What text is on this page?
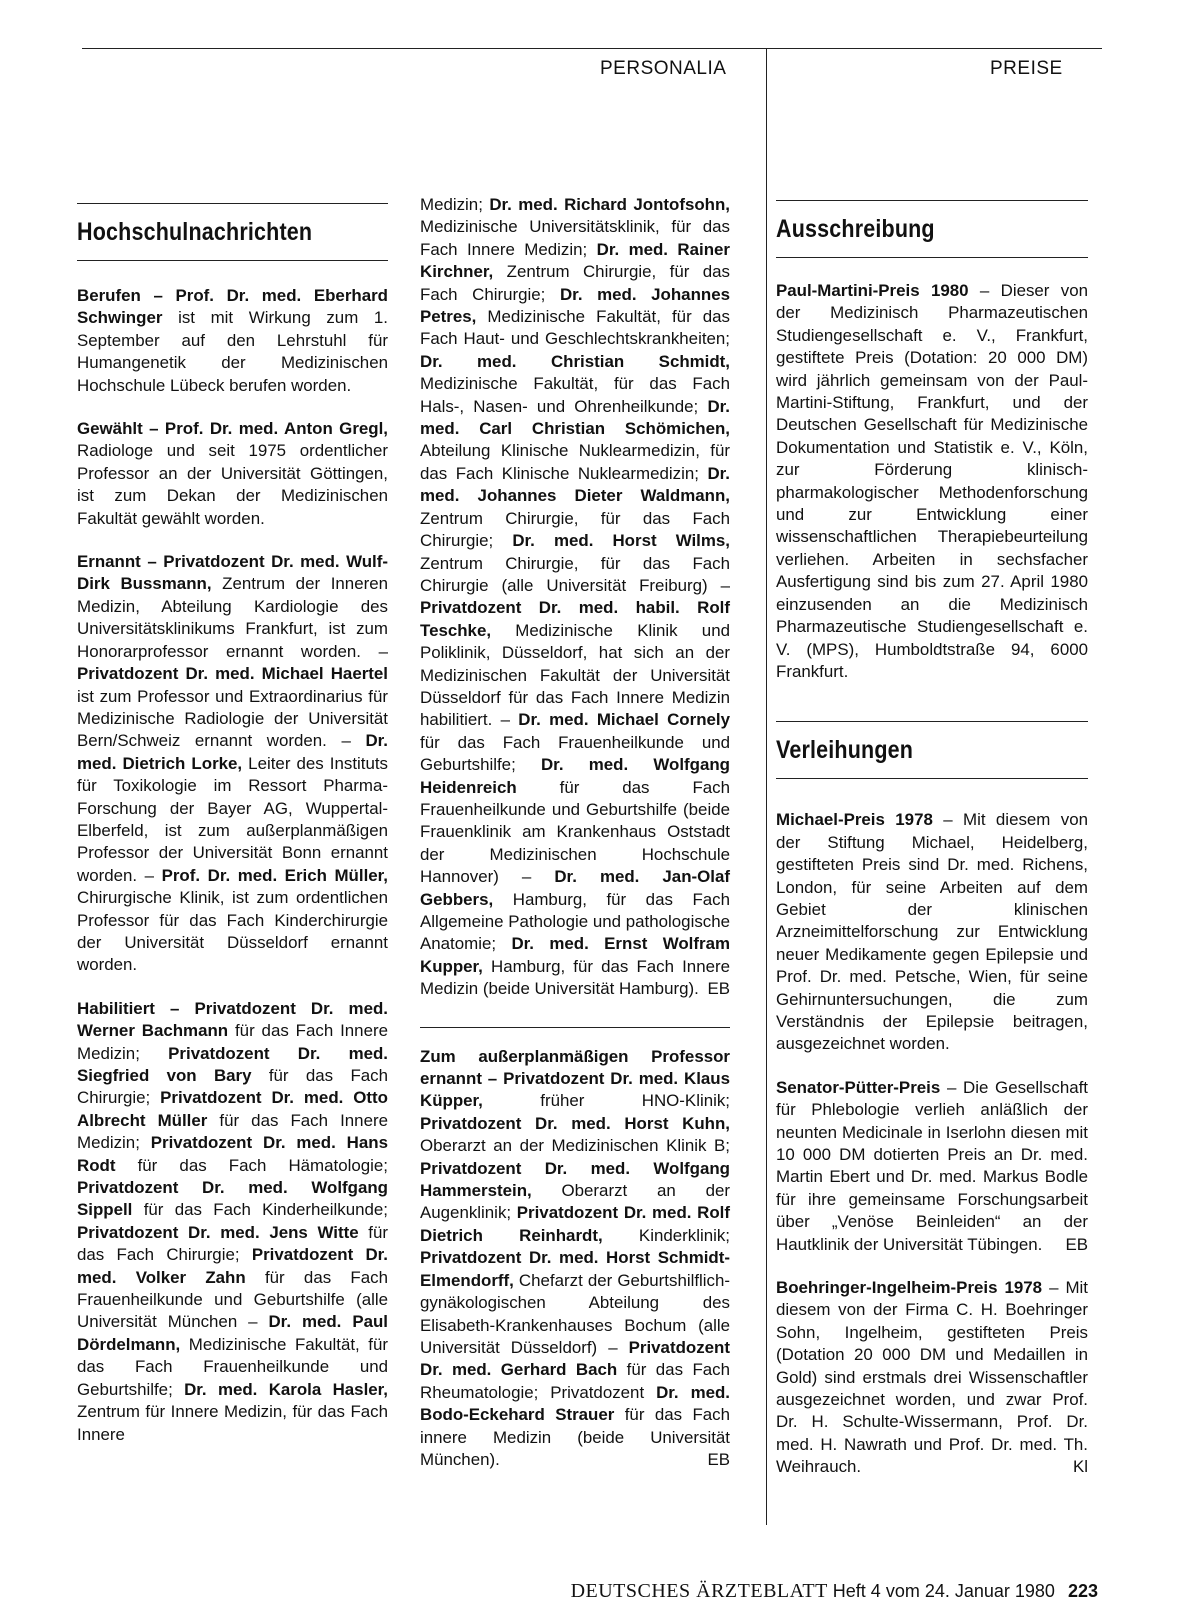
PERSONALIA	PREISE
Hochschulnachrichten

Berufen – Prof. Dr. med. Eberhard Schwinger ist mit Wirkung zum 1. September auf den Lehrstuhl für Humangenetik der Medizinischen Hochschule Lübeck berufen worden.

Gewählt – Prof. Dr. med. Anton Gregl, Radiologe und seit 1975 ordentlicher Professor an der Universität Göttingen, ist zum Dekan der Medizinischen Fakultät gewählt worden.

Ernannt – Privatdozent Dr. med. Wulf-Dirk Bussmann, Zentrum der Inneren Medizin, Abteilung Kardiologie des Universitätsklinikums Frankfurt, ist zum Honorarprofessor ernannt worden. – Privatdozent Dr. med. Michael Haertel ist zum Professor und Extraordinarius für Medizinische Radiologie der Universität Bern/Schweiz ernannt worden. – Dr. med. Dietrich Lorke, Leiter des Instituts für Toxikologie im Ressort Pharma-Forschung der Bayer AG, Wuppertal-Elberfeld, ist zum außerplanmäßigen Professor der Universität Bonn ernannt worden. – Prof. Dr. med. Erich Müller, Chirurgische Klinik, ist zum ordentlichen Professor für das Fach Kinderchirurgie der Universität Düsseldorf ernannt worden.

Habilitiert – Privatdozent Dr. med. Werner Bachmann für das Fach Innere Medizin; Privatdozent Dr. med. Siegfried von Bary für das Fach Chirurgie; Privatdozent Dr. med. Otto Albrecht Müller für das Fach Innere Medizin; Privatdozent Dr. med. Hans Rodt für das Fach Hämatologie; Privatdozent Dr. med. Wolfgang Sippell für das Fach Kinderheilkunde; Privatdozent Dr. med. Jens Witte für das Fach Chirurgie; Privatdozent Dr. med. Volker Zahn für das Fach Frauenheilkunde und Geburtshilfe (alle Universität München – Dr. med. Paul Dördelmann, Medizinische Fakultät, für das Fach Frauenheilkunde und Geburtshilfe; Dr. med. Karola Hasler, Zentrum für Innere Medizin, für das Fach Innere

Medizin; Dr. med. Richard Jontofsohn, Medizinische Universitätsklinik, für das Fach Innere Medizin; Dr. med. Rainer Kirchner, Zentrum Chirurgie, für das Fach Chirurgie; Dr. med. Johannes Petres, Medizinische Fakultät, für das Fach Haut- und Geschlechtskrankheiten; Dr. med. Christian Schmidt, Medizinische Fakultät, für das Fach Hals-, Nasen- und Ohrenheilkunde; Dr. med. Carl Christian Schömichen, Abteilung Klinische Nuklearmedizin, für das Fach Klinische Nuklearmedizin; Dr. med. Johannes Dieter Waldmann, Zentrum Chirurgie, für das Fach Chirurgie; Dr. med. Horst Wilms, Zentrum Chirurgie, für das Fach Chirurgie (alle Universität Freiburg) – Privatdozent Dr. med. habil. Rolf Teschke, Medizinische Klinik und Poliklinik, Düsseldorf, hat sich an der Medizinischen Fakultät der Universität Düsseldorf für das Fach Innere Medizin habilitiert. – Dr. med. Michael Cornely für das Fach Frauenheilkunde und Geburtshilfe; Dr. med. Wolfgang Heidenreich für das Fach Frauenheilkunde und Geburtshilfe (beide Frauenklinik am Krankenhaus Oststadt der Medizinischen Hochschule Hannover) – Dr. med. Jan-Olaf Gebbers, Hamburg, für das Fach Allgemeine Pathologie und pathologische Anatomie; Dr. med. Ernst Wolfram Kupper, Hamburg, für das Fach Innere Medizin (beide Universität Hamburg). EB

Zum außerplanmäßigen Professor ernannt – Privatdozent Dr. med. Klaus Küpper, früher HNO-Klinik; Privatdozent Dr. med. Horst Kuhn, Oberarzt an der Medizinischen Klinik B; Privatdozent Dr. med. Wolfgang Hammerstein, Oberarzt an der Augenklinik; Privatdozent Dr. med. Rolf Dietrich Reinhardt, Kinderklinik; Privatdozent Dr. med. Horst Schmidt-Elmendorff, Chefarzt der Geburtshilflich-gynäkologischen Abteilung des Elisabeth-Krankenhauses Bochum (alle Universität Düsseldorf) – Privatdozent Dr. med. Gerhard Bach für das Fach Rheumatologie; Privatdozent Dr. med. Bodo-Eckehard Strauer für das Fach innere Medizin (beide Universität München).	EB

Ausschreibung

Paul-Martini-Preis 1980 – Dieser von der Medizinisch Pharmazeutischen Studiengesellschaft e. V., Frankfurt, gestiftete Preis (Dotation: 20 000 DM) wird jährlich gemeinsam von der Paul-Martini-Stiftung, Frankfurt, und der Deutschen Gesellschaft für Medizinische Dokumentation und Statistik e. V., Köln, zur Förderung klinisch-pharmakologischer Methodenforschung und zur Entwicklung einer wissenschaftlichen Therapiebeurteilung verliehen. Arbeiten in sechsfacher Ausfertigung sind bis zum 27. April 1980 einzusenden an die Medizinisch Pharmazeutische Studiengesellschaft e. V. (MPS), Humboldtstraße 94, 6000 Frankfurt.

Verleihungen

Michael-Preis 1978 – Mit diesem von der Stiftung Michael, Heidelberg, gestifteten Preis sind Dr. med. Richens, London, für seine Arbeiten auf dem Gebiet der klinischen Arzneimittelforschung zur Entwicklung neuer Medikamente gegen Epilepsie und Prof. Dr. med. Petsche, Wien, für seine Gehirnuntersuchungen, die zum Verständnis der Epilepsie beitragen, ausgezeichnet worden.

Senator-Pütter-Preis – Die Gesellschaft für Phlebologie verlieh anläßlich der neunten Medicinale in Iserlohn diesen mit 10 000 DM dotierten Preis an Dr. med. Martin Ebert und Dr. med. Markus Bodle für ihre gemeinsame Forschungsarbeit über „Venöse Beinleiden“ an der Hautklinik der Universität Tübingen. EB

Boehringer-Ingelheim-Preis 1978 – Mit diesem von der Firma C. H. Boehringer Sohn, Ingelheim, gestifteten Preis (Dotation 20 000 DM und Medaillen in Gold) sind erstmals drei Wissenschaftler ausgezeichnet worden, und zwar Prof. Dr. H. Schulte-Wissermann, Prof. Dr. med. H. Nawrath und Prof. Dr. med. Th. Weihrauch.	Kl

DEUTSCHES ÄRZTEBLATT Heft 4 vom 24. Januar 1980 223
